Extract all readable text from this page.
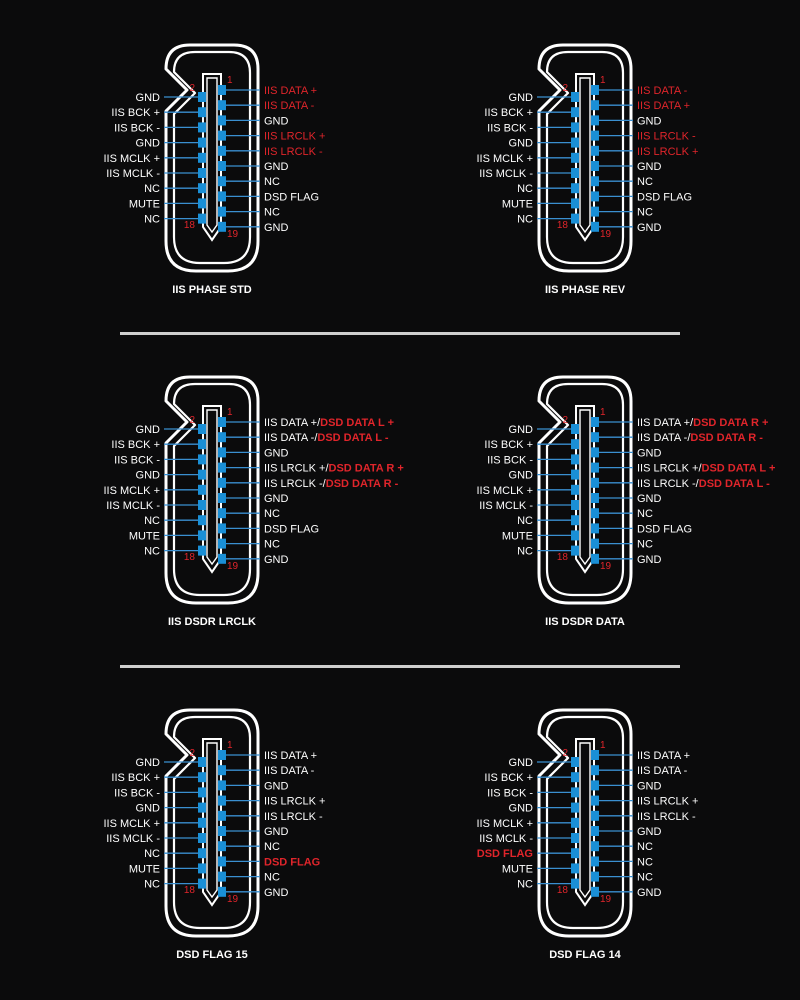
IIS DATA +
IIS DATA -
GND
IIS LRCLK +
IIS LRCLK -
GND
NC
DSD FLAG
NC
GND
GND
IIS BCK +
IIS BCK -
GND
IIS MCLK +
IIS MCLK -
NC
MUTE
NC
2
1
18
19
IIS PHASE STD
IIS DATA -
IIS DATA +
GND
IIS LRCLK -
IIS LRCLK +
GND
NC
DSD FLAG
NC
GND
GND
IIS BCK +
IIS BCK -
GND
IIS MCLK +
IIS MCLK -
NC
MUTE
NC
2
1
18
19
IIS PHASE REV
IIS DATA +/DSD DATA L +
IIS DATA -/DSD DATA L -
GND
IIS LRCLK +/DSD DATA R +
IIS LRCLK -/DSD DATA R -
GND
NC
DSD FLAG
NC
GND
GND
IIS BCK +
IIS BCK -
GND
IIS MCLK +
IIS MCLK -
NC
MUTE
NC
2
1
18
19
IIS DSDR LRCLK
IIS DATA +/DSD DATA R +
IIS DATA -/DSD DATA R -
GND
IIS LRCLK +/DSD DATA L +
IIS LRCLK -/DSD DATA L -
GND
NC
DSD FLAG
NC
GND
GND
IIS BCK +
IIS BCK -
GND
IIS MCLK +
IIS MCLK -
NC
MUTE
NC
2
1
18
19
IIS DSDR DATA
IIS DATA +
IIS DATA -
GND
IIS LRCLK +
IIS LRCLK -
GND
NC
DSD FLAG
NC
GND
GND
IIS BCK +
IIS BCK -
GND
IIS MCLK +
IIS MCLK -
NC
MUTE
NC
2
1
18
19
DSD FLAG 15
IIS DATA +
IIS DATA -
GND
IIS LRCLK +
IIS LRCLK -
GND
NC
NC
NC
GND
GND
IIS BCK +
IIS BCK -
GND
IIS MCLK +
IIS MCLK -
DSD FLAG
MUTE
NC
2
1
18
19
DSD FLAG 14
